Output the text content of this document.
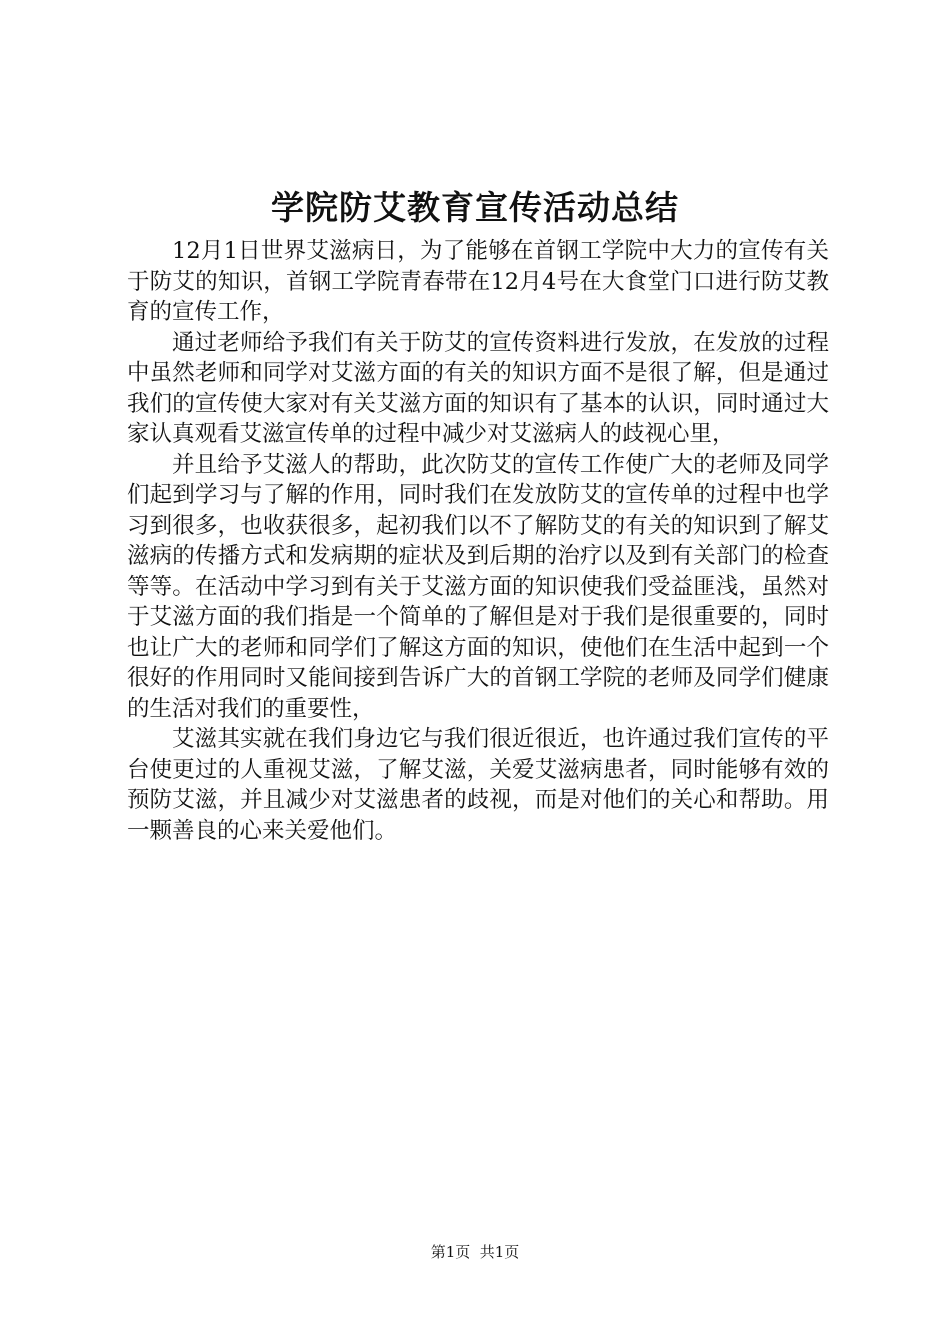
学院防艾教育宣传活动总结

12月1日世界艾滋病日，为了能够在首钢工学院中大力的宣传有关于防艾的知识，首钢工学院青春带在12月4号在大食堂门口进行防艾教育的宣传工作，

通过老师给予我们有关于防艾的宣传资料进行发放，在发放的过程中虽然老师和同学对艾滋方面的有关的知识方面不是很了解，但是通过我们的宣传使大家对有关艾滋方面的知识有了基本的认识，同时通过大家认真观看艾滋宣传单的过程中减少对艾滋病人的歧视心里，

并且给予艾滋人的帮助，此次防艾的宣传工作使广大的老师及同学们起到学习与了解的作用，同时我们在发放防艾的宣传单的过程中也学习到很多，也收获很多，起初我们以不了解防艾的有关的知识到了解艾滋病的传播方式和发病期的症状及到后期的治疗以及到有关部门的检查等等。在活动中学习到有关于艾滋方面的知识使我们受益匪浅，虽然对于艾滋方面的我们指是一个简单的了解但是对于我们是很重要的，同时也让广大的老师和同学们了解这方面的知识，使他们在生活中起到一个很好的作用同时又能间接到告诉广大的首钢工学院的老师及同学们健康的生活对我们的重要性，

艾滋其实就在我们身边它与我们很近很近，也许通过我们宣传的平台使更过的人重视艾滋，了解艾滋，关爱艾滋病患者，同时能够有效的预防艾滋，并且减少对艾滋患者的歧视，而是对他们的关心和帮助。用一颗善良的心来关爱他们。

第1页  共1页
